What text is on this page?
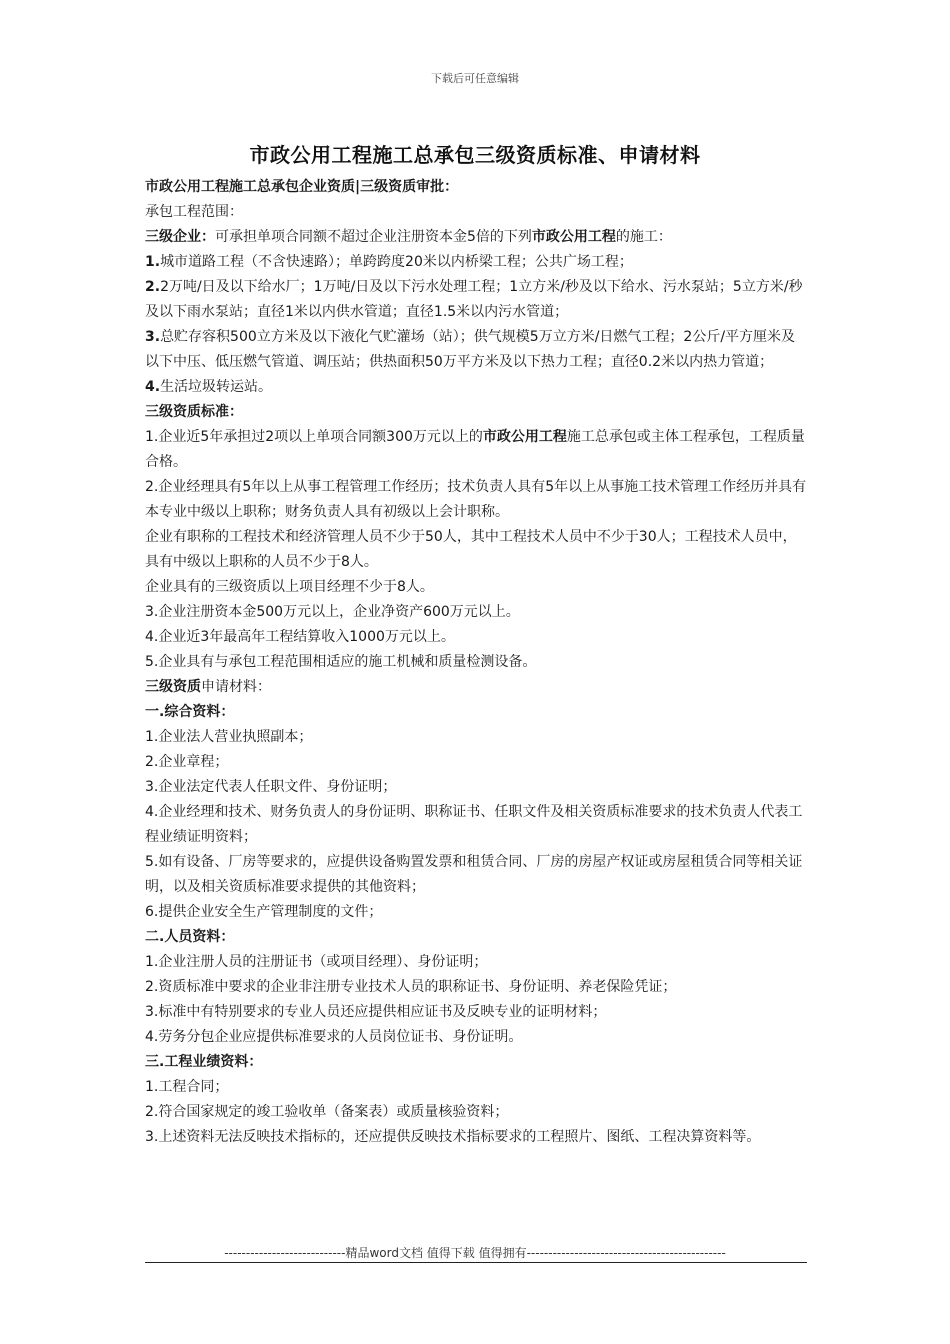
下载后可任意编辑
市政公用工程施工总承包三级资质标准、申请材料

市政公用工程施工总承包企业资质|三级资质审批：

承包工程范围：

三级企业：可承担单项合同额不超过企业注册资本金5倍的下列市政公用工程的施工：

1.城市道路工程（不含快速路）；单跨跨度20米以内桥梁工程；公共广场工程；

2.2万吨/日及以下给水厂；1万吨/日及以下污水处理工程；1立方米/秒及以下给水、污水泵站；5立方米/秒及以下雨水泵站；直径1米以内供水管道；直径1.5米以内污水管道；

3.总贮存容积500立方米及以下液化气贮灌场（站）；供气规模5万立方米/日燃气工程；2公斤/平方厘米及以下中压、低压燃气管道、调压站；供热面积50万平方米及以下热力工程；直径0.2米以内热力管道；

4.生活垃圾转运站。

三级资质标准：

1.企业近5年承担过2项以上单项合同额300万元以上的市政公用工程施工总承包或主体工程承包，工程质量合格。

2.企业经理具有5年以上从事工程管理工作经历；技术负责人具有5年以上从事施工技术管理工作经历并具有本专业中级以上职称；财务负责人具有初级以上会计职称。

企业有职称的工程技术和经济管理人员不少于50人，其中工程技术人员中不少于30人；工程技术人员中，具有中级以上职称的人员不少于8人。

企业具有的三级资质以上项目经理不少于8人。

3.企业注册资本金500万元以上，企业净资产600万元以上。

4.企业近3年最高年工程结算收入1000万元以上。

5.企业具有与承包工程范围相适应的施工机械和质量检测设备。

三级资质申请材料：

一.综合资料：

1.企业法人营业执照副本；

2.企业章程；

3.企业法定代表人任职文件、身份证明；

4.企业经理和技术、财务负责人的身份证明、职称证书、任职文件及相关资质标准要求的技术负责人代表工程业绩证明资料；

5.如有设备、厂房等要求的，应提供设备购置发票和租赁合同、厂房的房屋产权证或房屋租赁合同等相关证明，以及相关资质标准要求提供的其他资料；

6.提供企业安全生产管理制度的文件；

二.人员资料：

1.企业注册人员的注册证书（或项目经理）、身份证明；

2.资质标准中要求的企业非注册专业技术人员的职称证书、身份证明、养老保险凭证；

3.标准中有特别要求的专业人员还应提供相应证书及反映专业的证明材料；

4.劳务分包企业应提供标准要求的人员岗位证书、身份证明。

三.工程业绩资料：

1.工程合同；

2.符合国家规定的竣工验收单（备案表）或质量核验资料；

3.上述资料无法反映技术指标的，还应提供反映技术指标要求的工程照片、图纸、工程决算资料等。

----------------------------精品word文档 值得下载 值得拥有----------------------------------------------
